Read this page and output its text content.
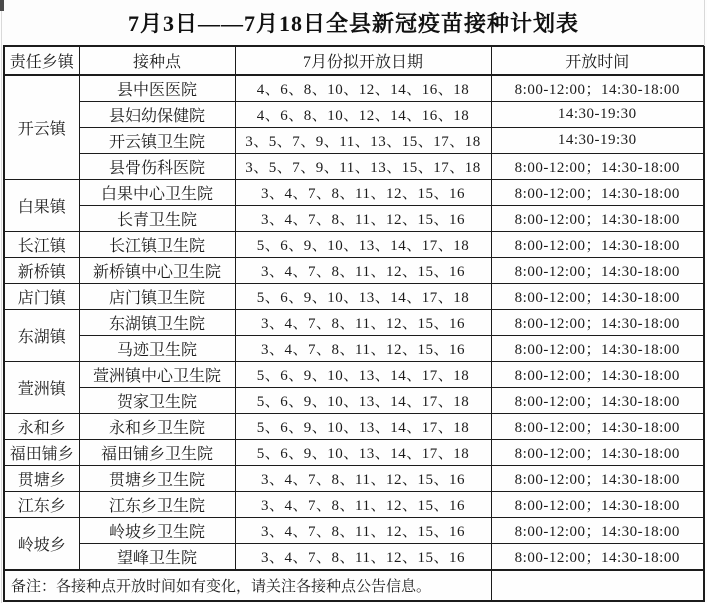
7月3日——7月18日全县新冠疫苗接种计划表
责任乡镇	接种点	7月份拟开放日期	开放时间
开云镇	县中医医院	4、6、8、10、12、14、16、18	8:00-12:00；14:30-18:00
	县妇幼保健院	4、6、8、10、12、14、16、18	14:30-19:30
	开云镇卫生院	3、5、7、9、11、13、15、17、18	14:30-19:30
	县骨伤科医院	3、5、7、9、11、13、15、17、18	8:00-12:00；14:30-18:00
白果镇	白果中心卫生院	3、4、7、8、11、12、15、16	8:00-12:00；14:30-18:00
	长青卫生院	3、4、7、8、11、12、15、16	8:00-12:00；14:30-18:00
长江镇	长江镇卫生院	5、6、9、10、13、14、17、18	8:00-12:00；14:30-18:00
新桥镇	新桥镇中心卫生院	3、4、7、8、11、12、15、16	8:00-12:00；14:30-18:00
店门镇	店门镇卫生院	5、6、9、10、13、14、17、18	8:00-12:00；14:30-18:00
东湖镇	东湖镇卫生院	3、4、7、8、11、12、15、16	8:00-12:00；14:30-18:00
	马迹卫生院	3、4、7、8、11、12、15、16	8:00-12:00；14:30-18:00
萱洲镇	萱洲镇中心卫生院	5、6、9、10、13、14、17、18	8:00-12:00；14:30-18:00
	贺家卫生院	5、6、9、10、13、14、17、18	8:00-12:00；14:30-18:00
永和乡	永和乡卫生院	5、6、9、10、13、14、17、18	8:00-12:00；14:30-18:00
福田铺乡	福田铺乡卫生院	5、6、9、10、13、14、17、18	8:00-12:00；14:30-18:00
贯塘乡	贯塘乡卫生院	3、4、7、8、11、12、15、16	8:00-12:00；14:30-18:00
江东乡	江东乡卫生院	3、4、7、8、11、12、15、16	8:00-12:00；14:30-18:00
岭坡乡	岭坡乡卫生院	3、4、7、8、11、12、15、16	8:00-12:00；14:30-18:00
	望峰卫生院	3、4、7、8、11、12、15、16	8:00-12:00；14:30-18:00
备注：各接种点开放时间如有变化，请关注各接种点公告信息。			
